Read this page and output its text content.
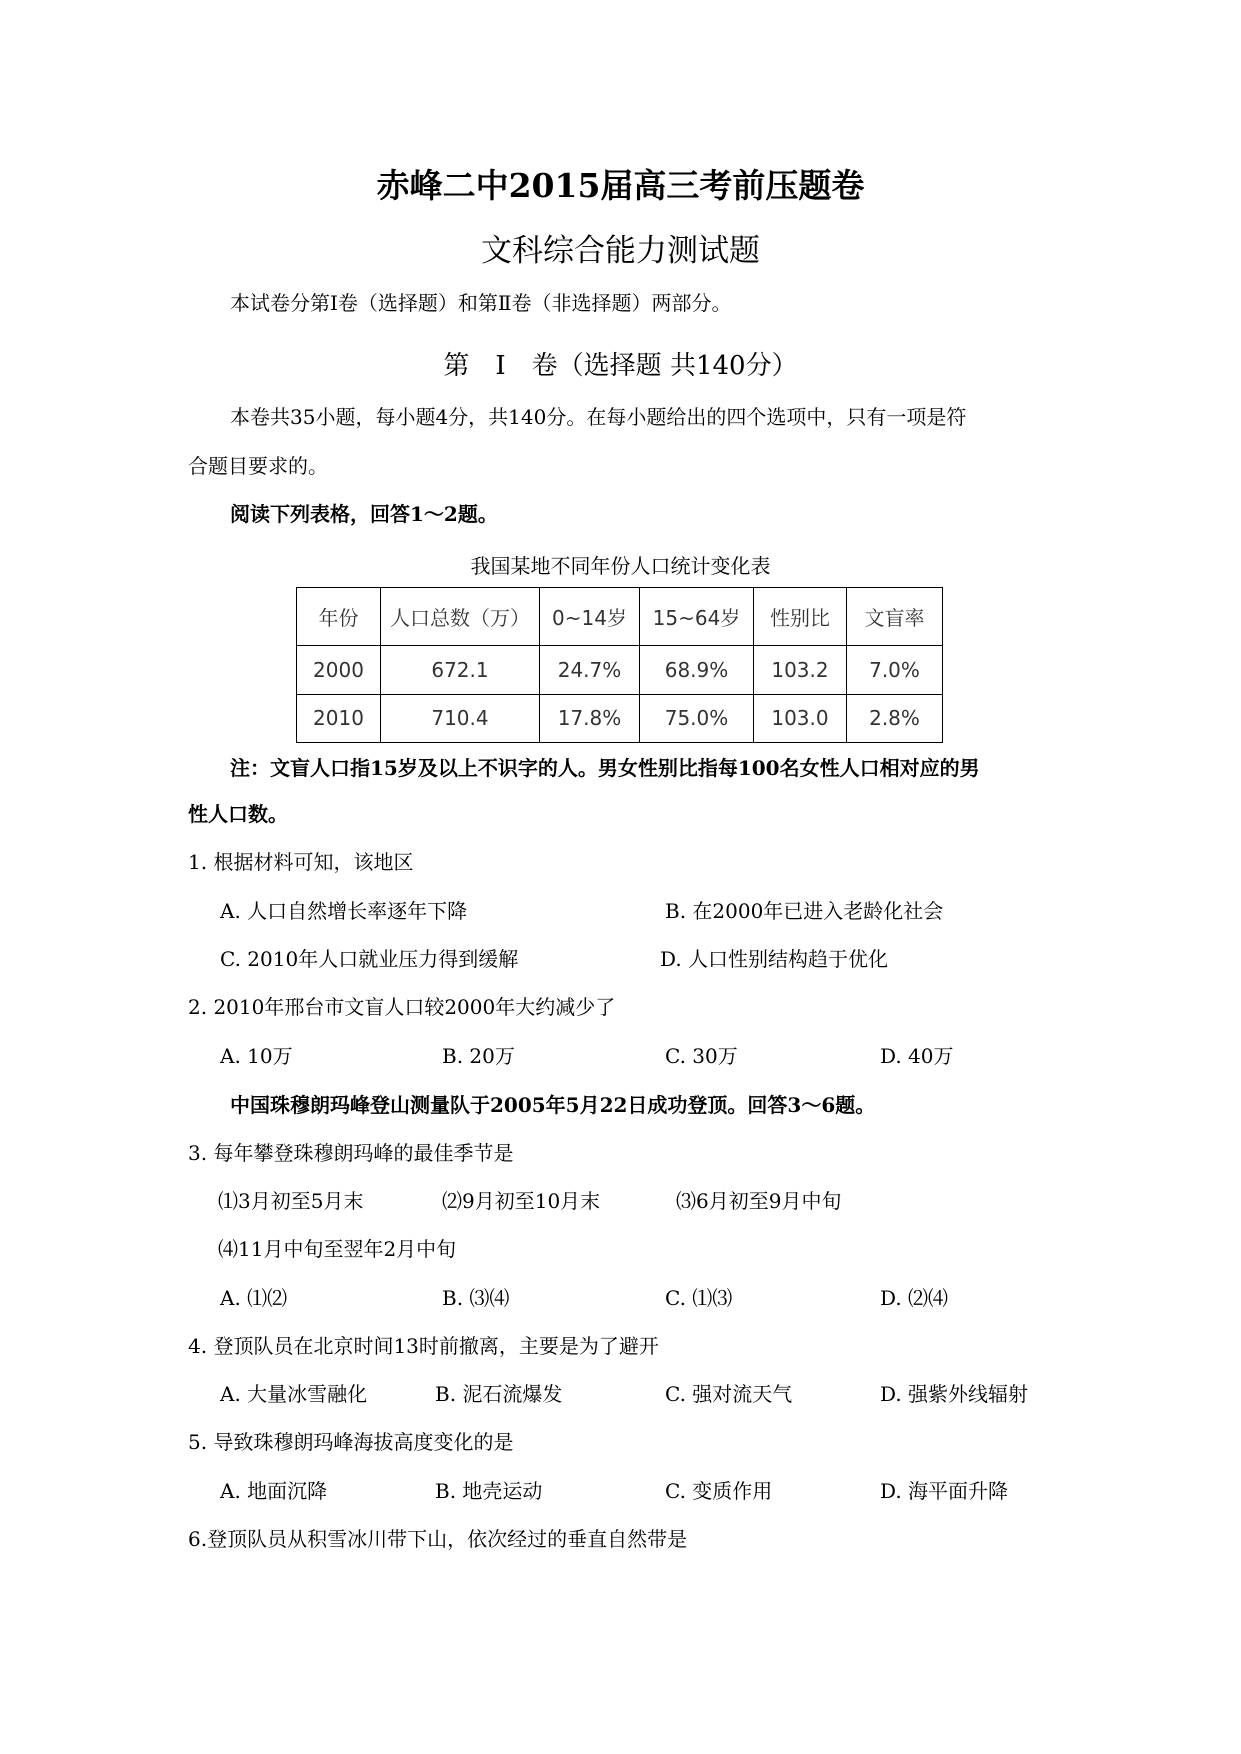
赤峰二中2015届高三考前压题卷
文科综合能力测试题
本试卷分第Ⅰ卷（选择题）和第Ⅱ卷（非选择题）两部分。
第　Ⅰ　卷（选择题 共140分）
本卷共35小题，每小题4分，共140分。在每小题给出的四个选项中，只有一项是符
合题目要求的。
阅读下列表格，回答1～2题。
我国某地不同年份人口统计变化表
年份	人口总数（万）	0~14岁	15~64岁	性别比	文盲率
2000	672.1	24.7%	68.9%	103.2	7.0%
2010	710.4	17.8%	75.0%	103.0	2.8%
注：文盲人口指15岁及以上不识字的人。男女性别比指每100名女性人口相对应的男
性人口数。
1. 根据材料可知，该地区
A. 人口自然增长率逐年下降	B. 在2000年已进入老龄化社会
C. 2010年人口就业压力得到缓解	D. 人口性别结构趋于优化
2. 2010年邢台市文盲人口较2000年大约减少了
A. 10万	B. 20万	C. 30万	D. 40万
中国珠穆朗玛峰登山测量队于2005年5月22日成功登顶。回答3～6题。
3. 每年攀登珠穆朗玛峰的最佳季节是
⑴3月初至5月末	⑵9月初至10月末	⑶6月初至9月中旬
⑷11月中旬至翌年2月中旬
A. ⑴⑵	B. ⑶⑷	C. ⑴⑶	D. ⑵⑷
4. 登顶队员在北京时间13时前撤离，主要是为了避开
A. 大量冰雪融化	B. 泥石流爆发	C. 强对流天气	D. 强紫外线辐射
5. 导致珠穆朗玛峰海拔高度变化的是
A. 地面沉降	B. 地壳运动	C. 变质作用	D. 海平面升降
6.登顶队员从积雪冰川带下山，依次经过的垂直自然带是
